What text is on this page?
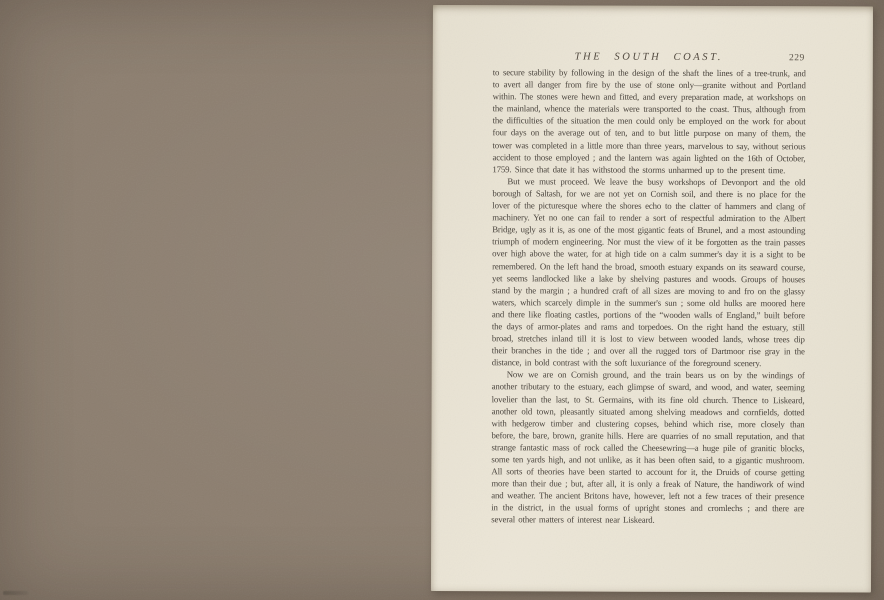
THE SOUTH COAST.	229

to secure stability by following in the design of the shaft the lines of a tree-trunk, and to avert all danger from fire by the use of stone only—granite without and Portland within. The stones were hewn and fitted, and every preparation made, at workshops on the mainland, whence the materials were transported to the coast. Thus, although from the difficulties of the situation the men could only be employed on the work for about four days on the average out of ten, and to but little purpose on many of them, the tower was completed in a little more than three years, marvelous to say, without serious accident to those employed ; and the lantern was again lighted on the 16th of October, 1759. Since that date it has withstood the storms unharmed up to the present time.

But we must proceed. We leave the busy workshops of Devonport and the old borough of Saltash, for we are not yet on Cornish soil, and there is no place for the lover of the picturesque where the shores echo to the clatter of hammers and clang of machinery. Yet no one can fail to render a sort of respectful admiration to the Albert Bridge, ugly as it is, as one of the most gigantic feats of Brunel, and a most astounding triumph of modern engineering. Nor must the view of it be forgotten as the train passes over high above the water, for at high tide on a calm summer's day it is a sight to be remembered. On the left hand the broad, smooth estuary expands on its seaward course, yet seems landlocked like a lake by shelving pastures and woods. Groups of houses stand by the margin ; a hundred craft of all sizes are moving to and fro on the glassy waters, which scarcely dimple in the summer's sun ; some old hulks are moored here and there like floating castles, portions of the “wooden walls of England,” built before the days of armor-plates and rams and torpedoes. On the right hand the estuary, still broad, stretches inland till it is lost to view between wooded lands, whose trees dip their branches in the tide ; and over all the rugged tors of Dartmoor rise gray in the distance, in bold contrast with the soft luxuriance of the foreground scenery.

Now we are on Cornish ground, and the train bears us on by the windings of another tributary to the estuary, each glimpse of sward, and wood, and water, seeming lovelier than the last, to St. Germains, with its fine old church. Thence to Liskeard, another old town, pleasantly situated among shelving meadows and cornfields, dotted with hedgerow timber and clustering copses, behind which rise, more closely than before, the bare, brown, granite hills. Here are quarries of no small reputation, and that strange fantastic mass of rock called the Cheesewring—a huge pile of granitic blocks, some ten yards high, and not unlike, as it has been often said, to a gigantic mushroom. All sorts of theories have been started to account for it, the Druids of course getting more than their due ; but, after all, it is only a freak of Nature, the handiwork of wind and weather. The ancient Britons have, however, left not a few traces of their presence in the district, in the usual forms of upright stones and cromlechs ; and there are several other matters of interest near Liskeard.
